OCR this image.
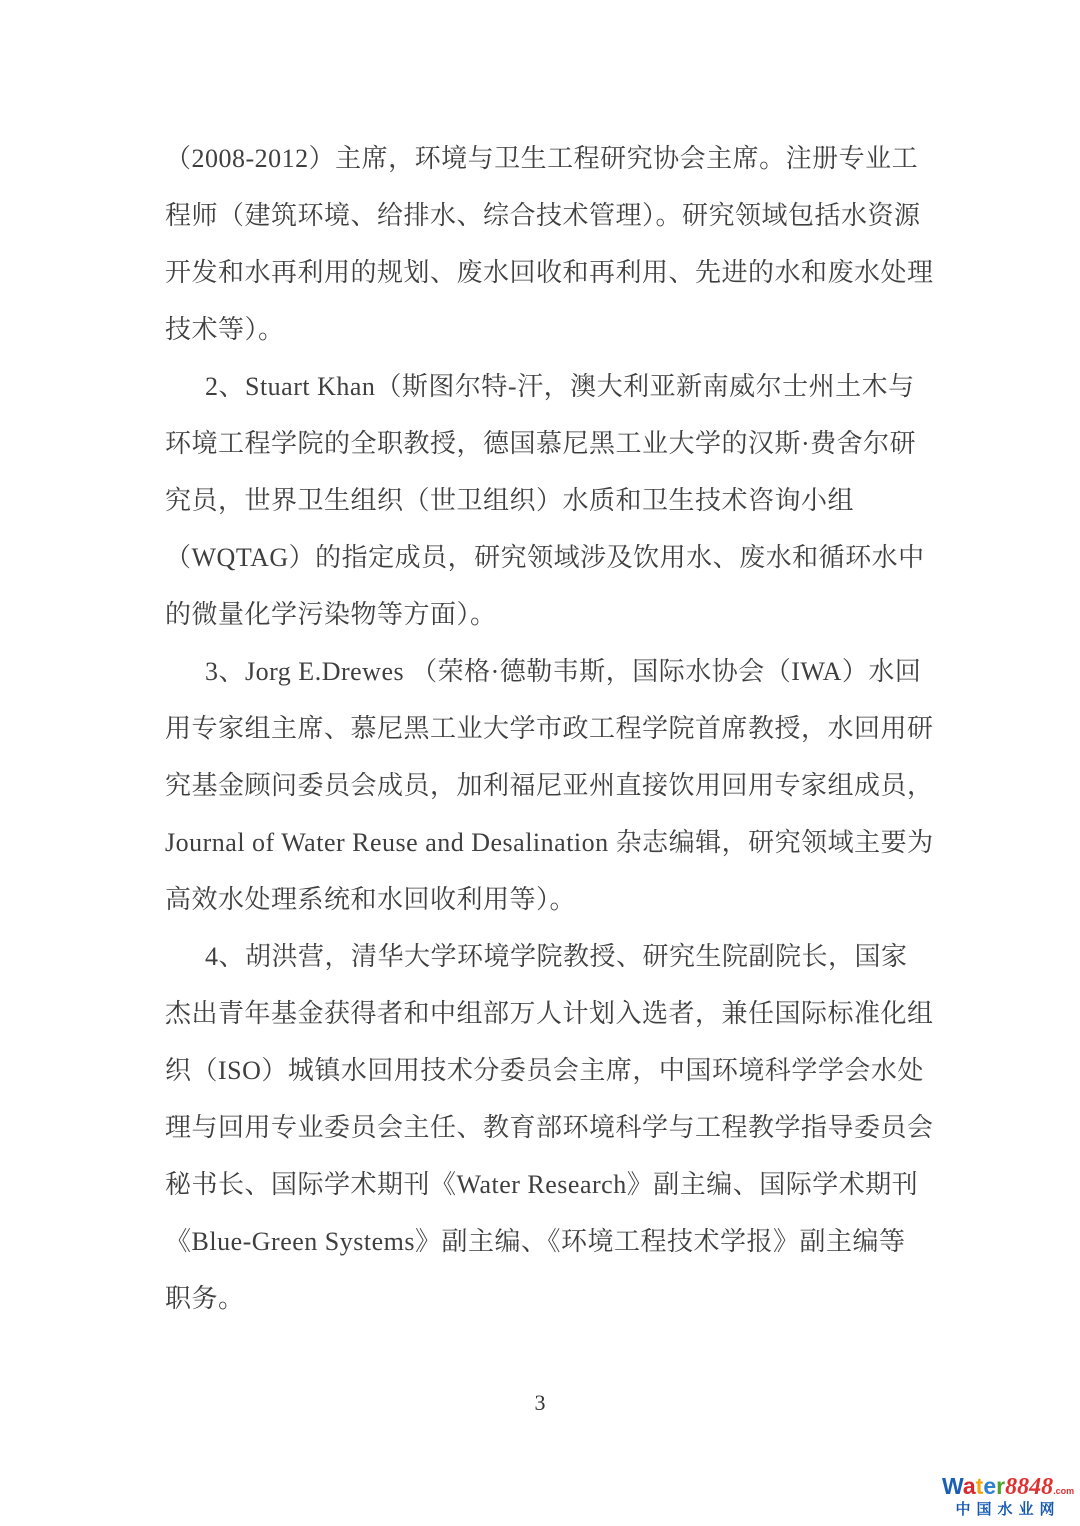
（2008-2012）主席，环境与卫生工程研究协会主席。注册专业工
程师（建筑环境、给排水、综合技术管理）。研究领域包括水资源
开发和水再利用的规划、废水回收和再利用、先进的水和废水处理
技术等）。
2、Stuart Khan（斯图尔特-汗，澳大利亚新南威尔士州土木与
环境工程学院的全职教授，德国慕尼黑工业大学的汉斯·费舍尔研
究员，世界卫生组织（世卫组织）水质和卫生技术咨询小组
（WQTAG）的指定成员，研究领域涉及饮用水、废水和循环水中
的微量化学污染物等方面）。
3、Jorg E.Drewes （荣格·德勒韦斯，国际水协会（IWA）水回
用专家组主席、慕尼黑工业大学市政工程学院首席教授，水回用研
究基金顾问委员会成员，加利福尼亚州直接饮用回用专家组成员，
Journal of Water Reuse and Desalination 杂志编辑，研究领域主要为
高效水处理系统和水回收利用等）。
4、胡洪营，清华大学环境学院教授、研究生院副院长，国家
杰出青年基金获得者和中组部万人计划入选者，兼任国际标准化组
织（ISO）城镇水回用技术分委员会主席，中国环境科学学会水处
理与回用专业委员会主任、教育部环境科学与工程教学指导委员会
秘书长、国际学术期刊《Water Research》副主编、国际学术期刊
《Blue-Green Systems》副主编、《环境工程技术学报》副主编等
职务。
3
Water8848.com
中国水业网
